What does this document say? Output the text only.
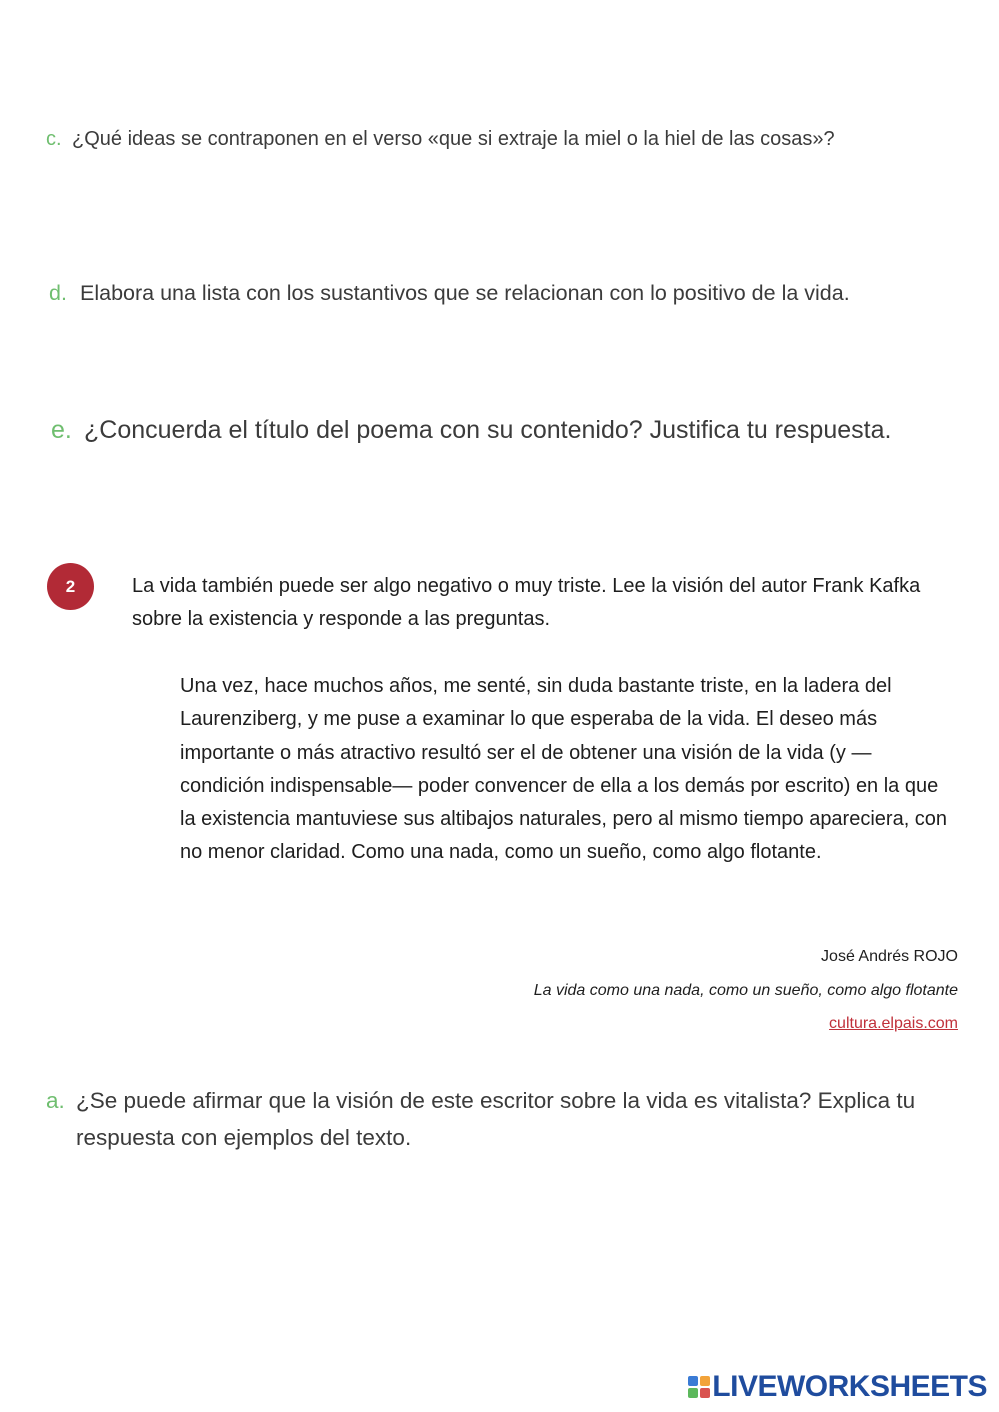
c. ¿Qué ideas se contraponen en el verso «que si extraje la miel o la hiel de las cosas»?
d. Elabora una lista con los sustantivos que se relacionan con lo positivo de la vida.
e. ¿Concuerda el título del poema con su contenido? Justifica tu respuesta.
2	La vida también puede ser algo negativo o muy triste. Lee la visión del autor Frank Kafka sobre la existencia y responde a las preguntas.

Una vez, hace muchos años, me senté, sin duda bastante triste, en la ladera del Laurenziberg, y me puse a examinar lo que esperaba de la vida. El deseo más importante o más atractivo resultó ser el de obtener una visión de la vida (y —condición indispensable— poder convencer de ella a los demás por escrito) en la que la existencia mantuviese sus altibajos naturales, pero al mismo tiempo apareciera, con no menor claridad. Como una nada, como un sueño, como algo flotante.

José Andrés ROJO
La vida como una nada, como un sueño, como algo flotante
cultura.elpais.com
a. ¿Se puede afirmar que la visión de este escritor sobre la vida es vitalista? Explica tu respuesta con ejemplos del texto.
LIVEWORKSHEETS
